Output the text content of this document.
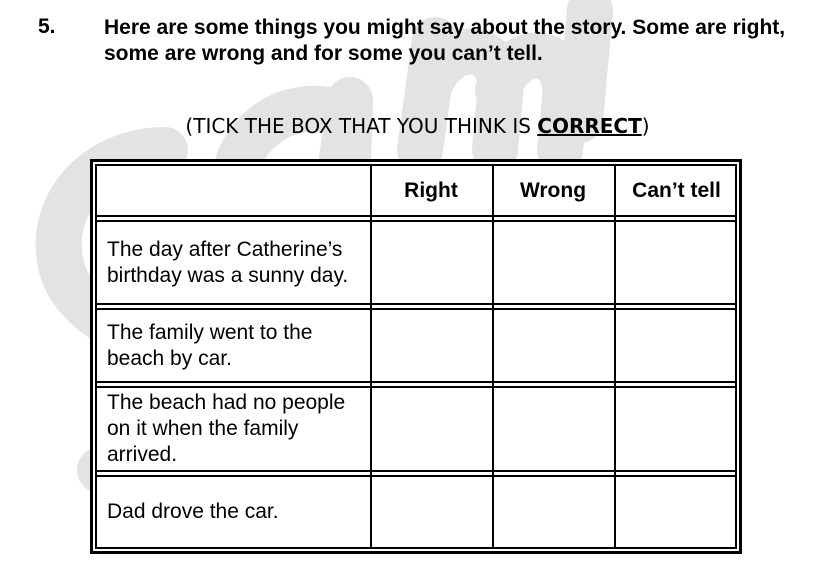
5. Here are some things you might say about the story. Some are right, some are wrong and for some you can’t tell.
(TICK THE BOX THAT YOU THINK IS CORRECT)
Right	Wrong	Can’t tell
The day after Catherine’s birthday was a sunny day.
The family went to the beach by car.
The beach had no people on it when the family arrived.
Dad drove the car.
